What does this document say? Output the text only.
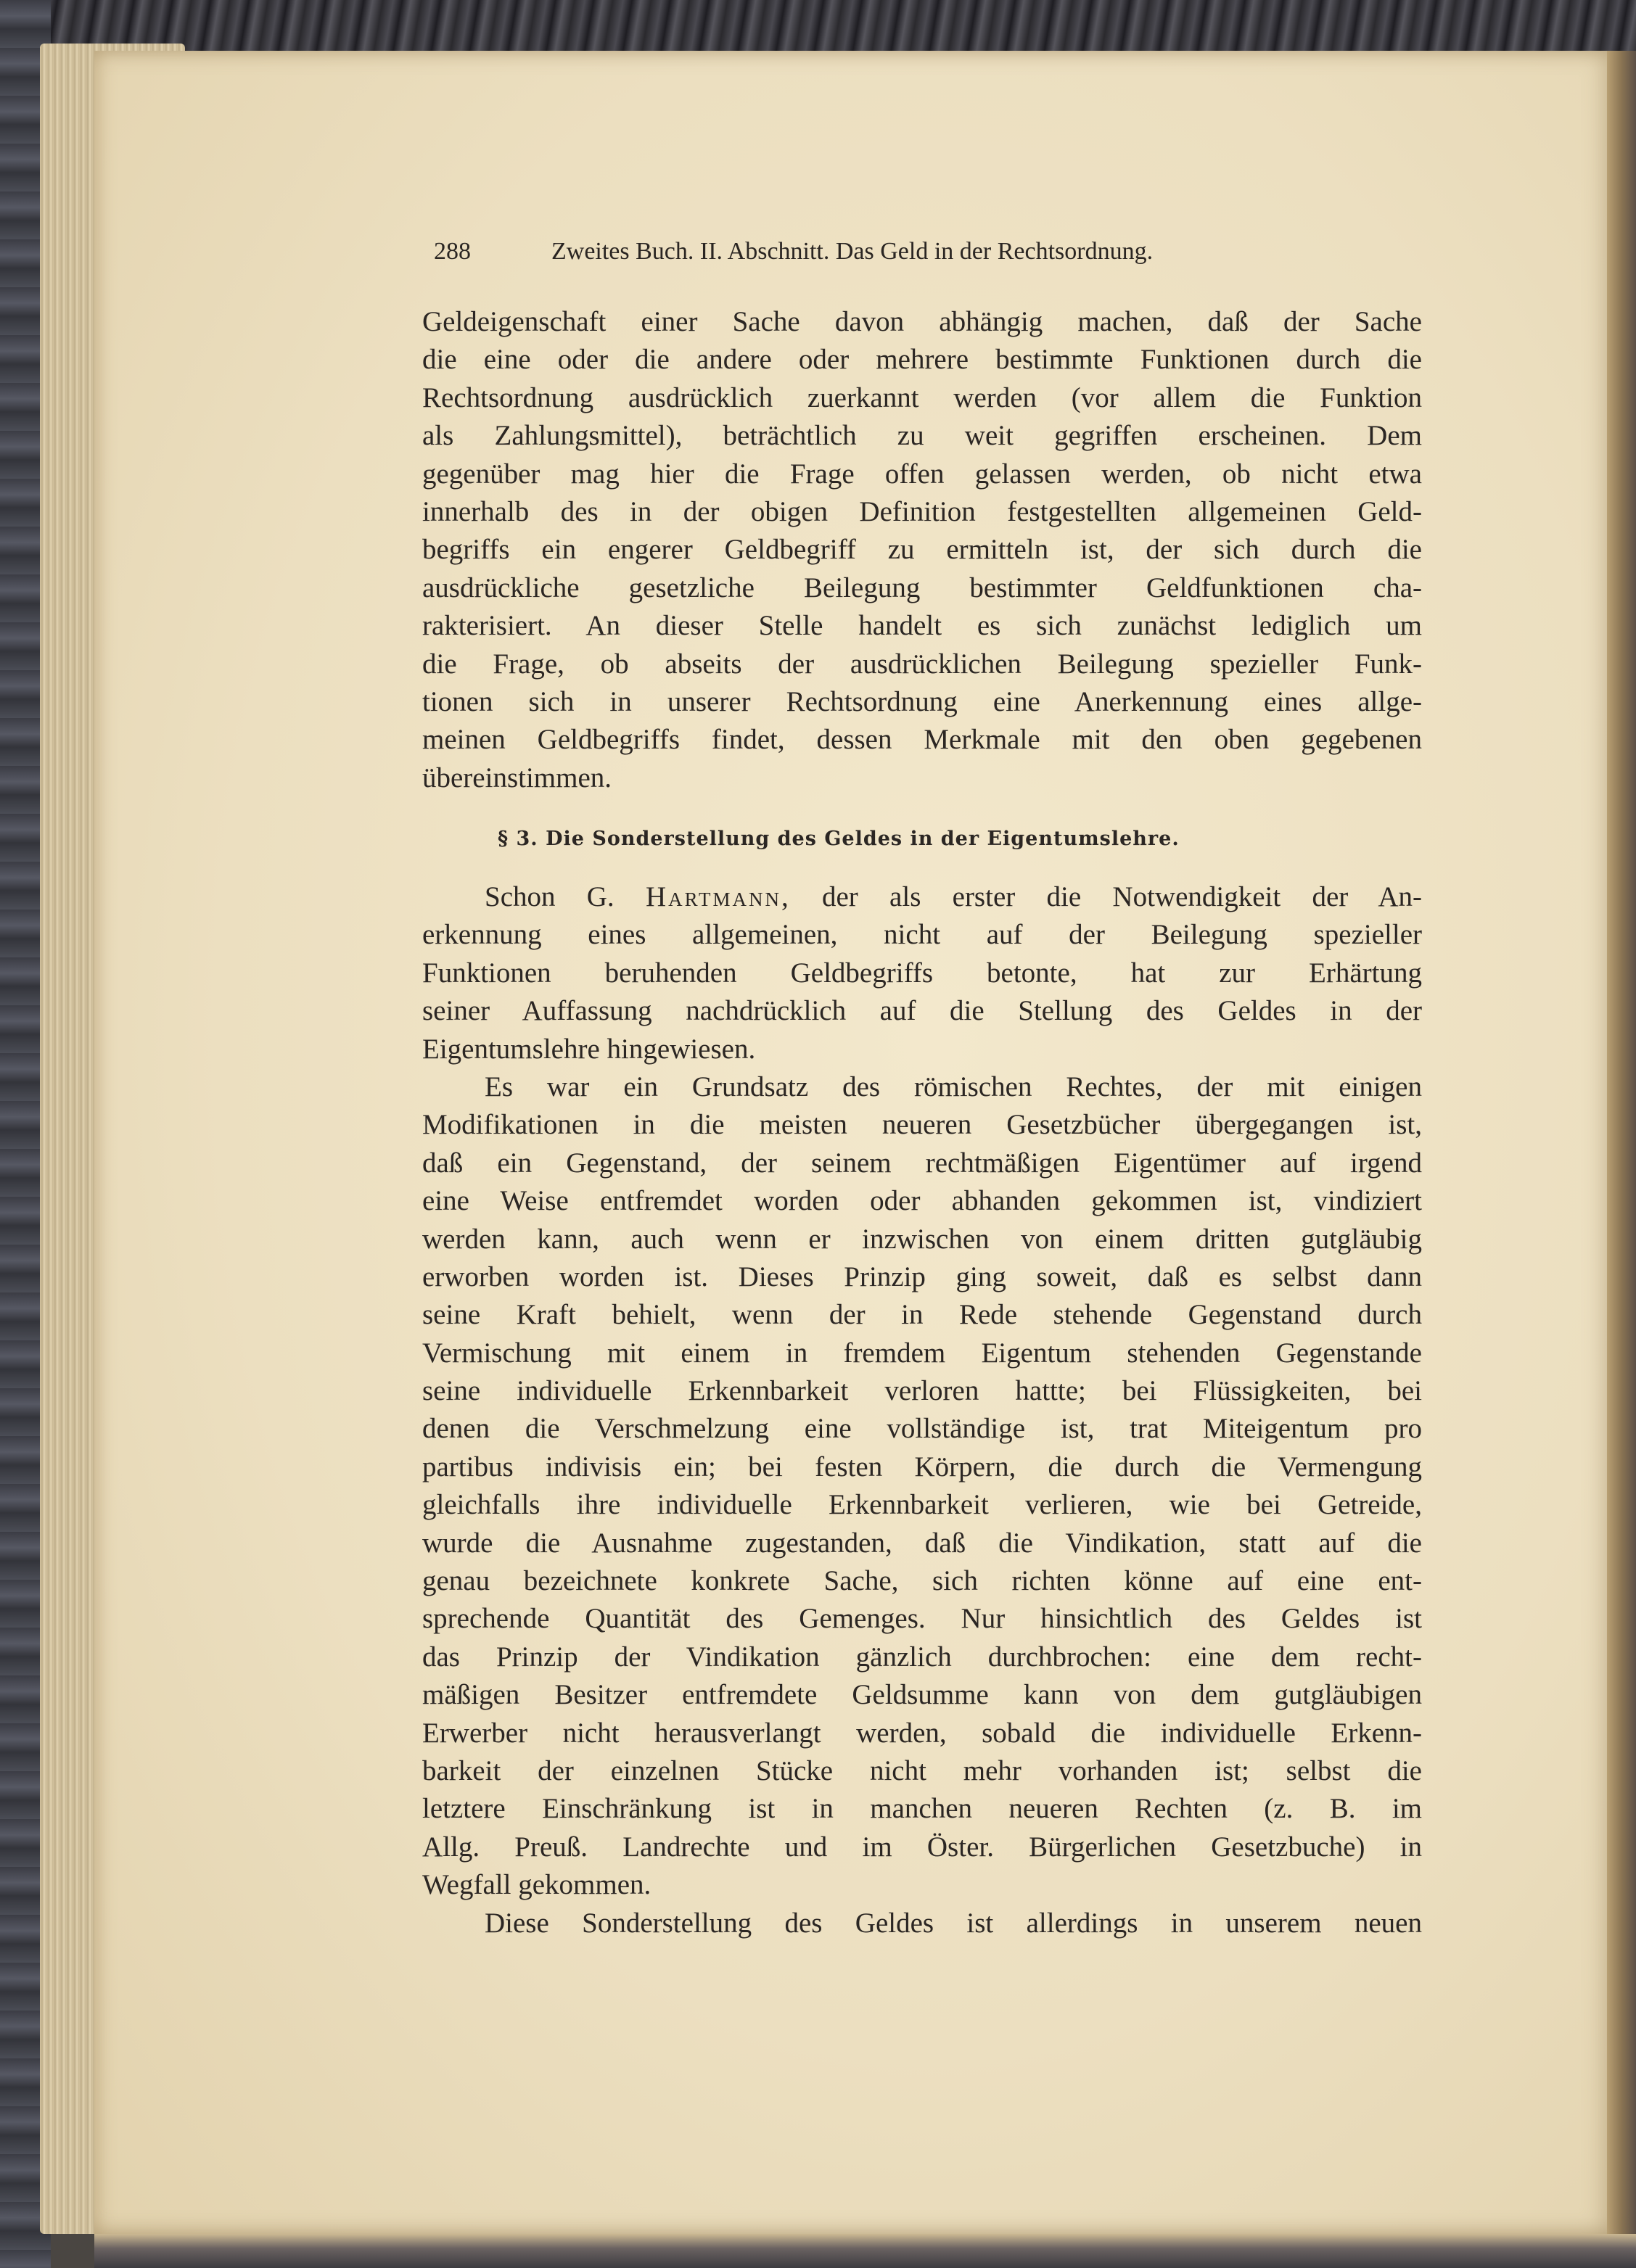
288	Zweites Buch. II. Abschnitt. Das Geld in der Rechtsordnung.
Geldeigenschaft einer Sache davon abhängig machen, daß der Sache
die eine oder die andere oder mehrere bestimmte Funktionen durch die
Rechtsordnung ausdrücklich zuerkannt werden (vor allem die Funktion
als Zahlungsmittel), beträchtlich zu weit gegriffen erscheinen. Dem
gegenüber mag hier die Frage offen gelassen werden, ob nicht etwa
innerhalb des in der obigen Definition festgestellten allgemeinen Geld-
begriffs ein engerer Geldbegriff zu ermitteln ist, der sich durch die
ausdrückliche gesetzliche Beilegung bestimmter Geldfunktionen cha-
rakterisiert. An dieser Stelle handelt es sich zunächst lediglich um
die Frage, ob abseits der ausdrücklichen Beilegung spezieller Funk-
tionen sich in unserer Rechtsordnung eine Anerkennung eines allge-
meinen Geldbegriffs findet, dessen Merkmale mit den oben gegebenen
übereinstimmen.
§ 3. Die Sonderstellung des Geldes in der Eigentumslehre.
Schon G. Hartmann, der als erster die Notwendigkeit der An-
erkennung eines allgemeinen, nicht auf der Beilegung spezieller
Funktionen beruhenden Geldbegriffs betonte, hat zur Erhärtung
seiner Auffassung nachdrücklich auf die Stellung des Geldes in der
Eigentumslehre hingewiesen.
Es war ein Grundsatz des römischen Rechtes, der mit einigen
Modifikationen in die meisten neueren Gesetzbücher übergegangen ist,
daß ein Gegenstand, der seinem rechtmäßigen Eigentümer auf irgend
eine Weise entfremdet worden oder abhanden gekommen ist, vindiziert
werden kann, auch wenn er inzwischen von einem dritten gutgläubig
erworben worden ist. Dieses Prinzip ging soweit, daß es selbst dann
seine Kraft behielt, wenn der in Rede stehende Gegenstand durch
Vermischung mit einem in fremdem Eigentum stehenden Gegenstande
seine individuelle Erkennbarkeit verloren hattte; bei Flüssigkeiten, bei
denen die Verschmelzung eine vollständige ist, trat Miteigentum pro
partibus indivisis ein; bei festen Körpern, die durch die Vermengung
gleichfalls ihre individuelle Erkennbarkeit verlieren, wie bei Getreide,
wurde die Ausnahme zugestanden, daß die Vindikation, statt auf die
genau bezeichnete konkrete Sache, sich richten könne auf eine ent-
sprechende Quantität des Gemenges. Nur hinsichtlich des Geldes ist
das Prinzip der Vindikation gänzlich durchbrochen: eine dem recht-
mäßigen Besitzer entfremdete Geldsumme kann von dem gutgläubigen
Erwerber nicht herausverlangt werden, sobald die individuelle Erkenn-
barkeit der einzelnen Stücke nicht mehr vorhanden ist; selbst die
letztere Einschränkung ist in manchen neueren Rechten (z. B. im
Allg. Preuß. Landrechte und im Öster. Bürgerlichen Gesetzbuche) in
Wegfall gekommen.
Diese Sonderstellung des Geldes ist allerdings in unserem neuen
